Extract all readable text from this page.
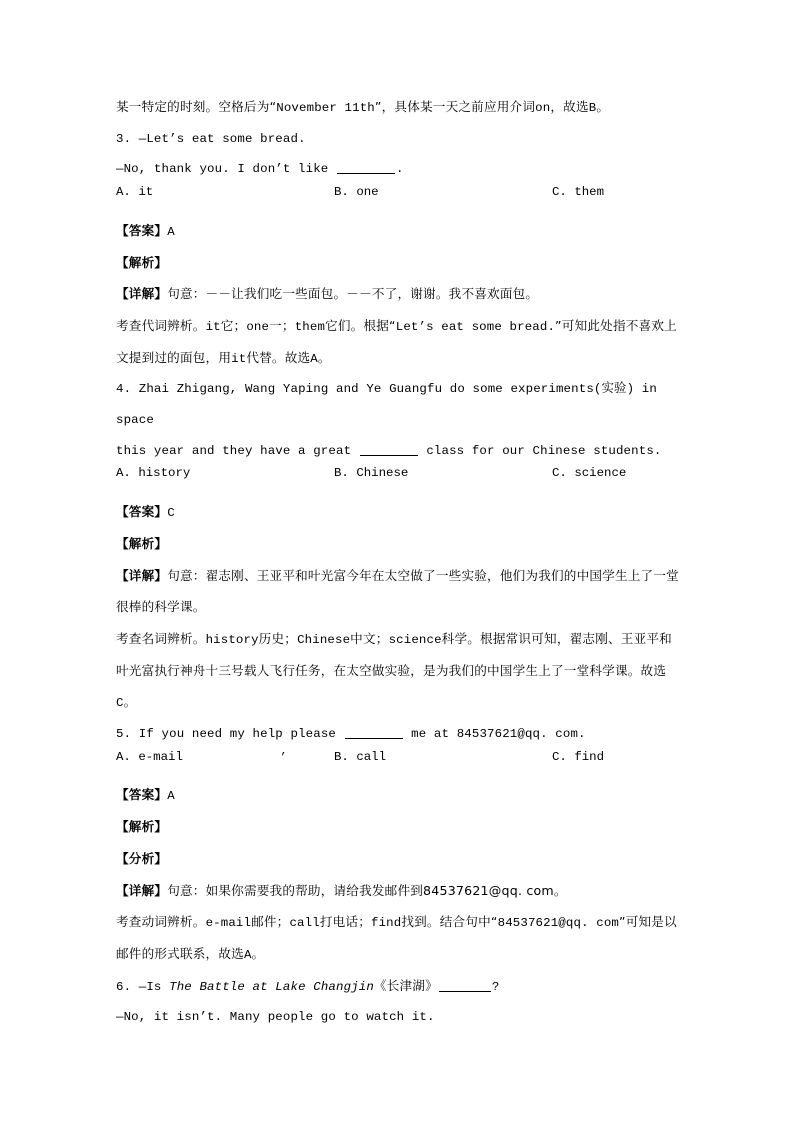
某一特定的时刻。空格后为“November 11th”，具体某一天之前应用介词on，故选B。
3. —Let’s eat some bread.
—No, thank you. I don’t like	.
A. it	B. one	C. them
【答案】A
【解析】
【详解】句意：－－让我们吃一些面包。－－不了，谢谢。我不喜欢面包。
考查代词辨析。it它；one一；them它们。根据“Let’s eat some bread.”可知此处指不喜欢上文提到过的面包，用it代替。故选A。
4. Zhai Zhigang, Wang Yaping and Ye Guangfu do some experiments(实验) in space
this year and they have a great	class for our Chinese students.
A. history	B. Chinese	C. science
【答案】C
【解析】
【详解】句意：翟志刚、王亚平和叶光富今年在太空做了一些实验，他们为我们的中国学生上了一堂很棒的科学课。
考查名词辨析。history历史；Chinese中文；science科学。根据常识可知，翟志刚、王亚平和叶光富执行神舟十三号载人飞行任务，在太空做实验，是为我们的中国学生上了一堂科学课。故选C。
5. If you need my help
’
please	me at 84537621@qq. com.
A. e-mail	B. call	C. find
【答案】A
【解析】
【分析】
【详解】句意：如果你需要我的帮助，请给我发邮件到84537621@qq. com。
考查动词辨析。e-mail邮件；call打电话；find找到。结合句中“84537621@qq. com”可知是以邮件的形式联系，故选A。
6. —Is The Battle at Lake Changjin《长津湖》	?
—No, it isn’t. Many people go to watch it.
